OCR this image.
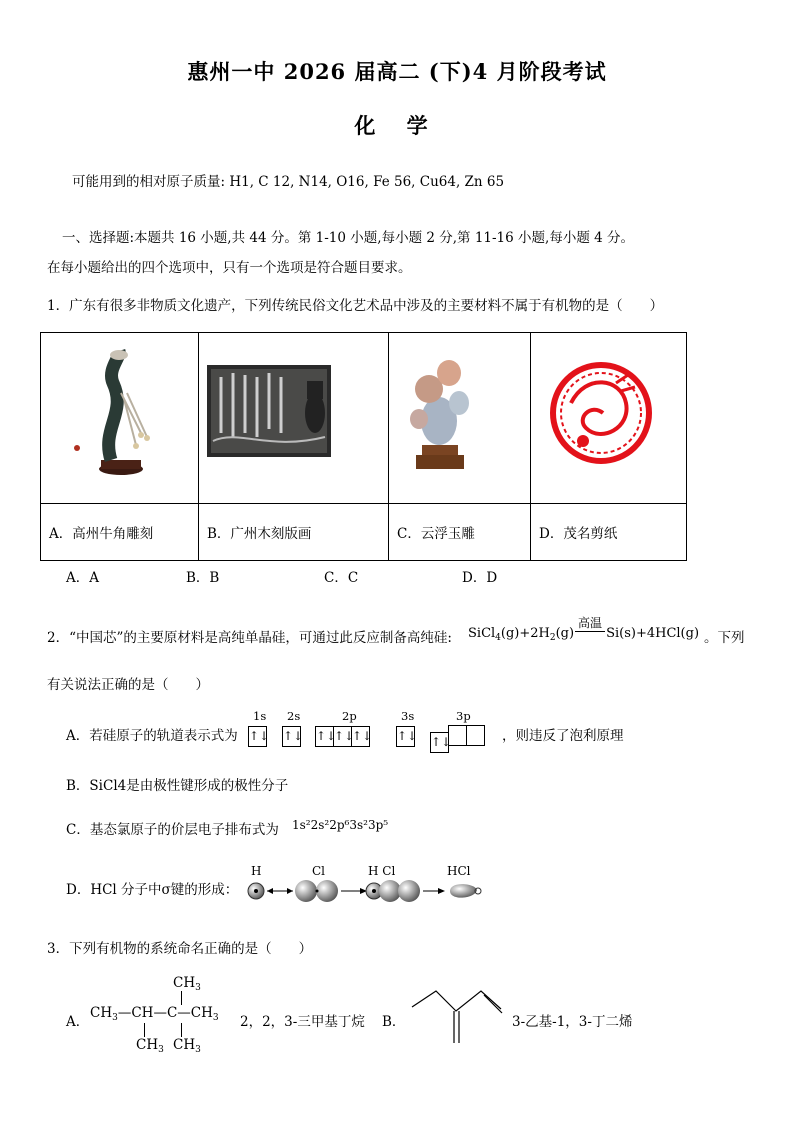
惠州一中 2026 届高二 (下)4 月阶段考试
化 学
可能用到的相对原子质量: H1, C 12, N14, O16, Fe 56, Cu64, Zn 65
一、选择题:本题共 16 小题,共 44 分。第 1-10 小题,每小题 2 分,第 11-16 小题,每小题 4 分。
在每小题给出的四个选项中，只有一个选项是符合题目要求。
1．广东有很多非物质文化遗产，下列传统民俗文化艺术品中涉及的主要材料不属于有机物的是（　　）

A．高州牛角雕刻	B．广州木刻版画	C．云浮玉雕	D．茂名剪纸
A．A	B．B	C．C	D．D
2．“中国芯”的主要原材料是高纯单晶硅，可通过此反应制备高纯硅:
高温
$SiCl_4(g)+2H_2(g)$ Si(s)+4HCl(g) 。下列
有关说法正确的是（　　）
A．若硅原子的轨道表示式为
1s 2s	2p	3s	3p
↑↓ ↑↓ ↑↓↑↓↑↓ ↑↓ ↑↓	，则违反了泡利原理
B．SiCl4是由极性键形成的极性分子
C．基态氯原子的价层电子排布式为 1s²2s²2p⁶3s²3p⁵
D．HCl 分子中σ键的形成：
H	Cl	H Cl	HCl
3．下列有机物的系统命名正确的是（　　）
A．
$CH_3$
$CH_3—CH—C—CH_3$
$CH_3$ $CH_3$
2，2，3-三甲基丁烷 B．	3-乙基-1，3-丁二烯
